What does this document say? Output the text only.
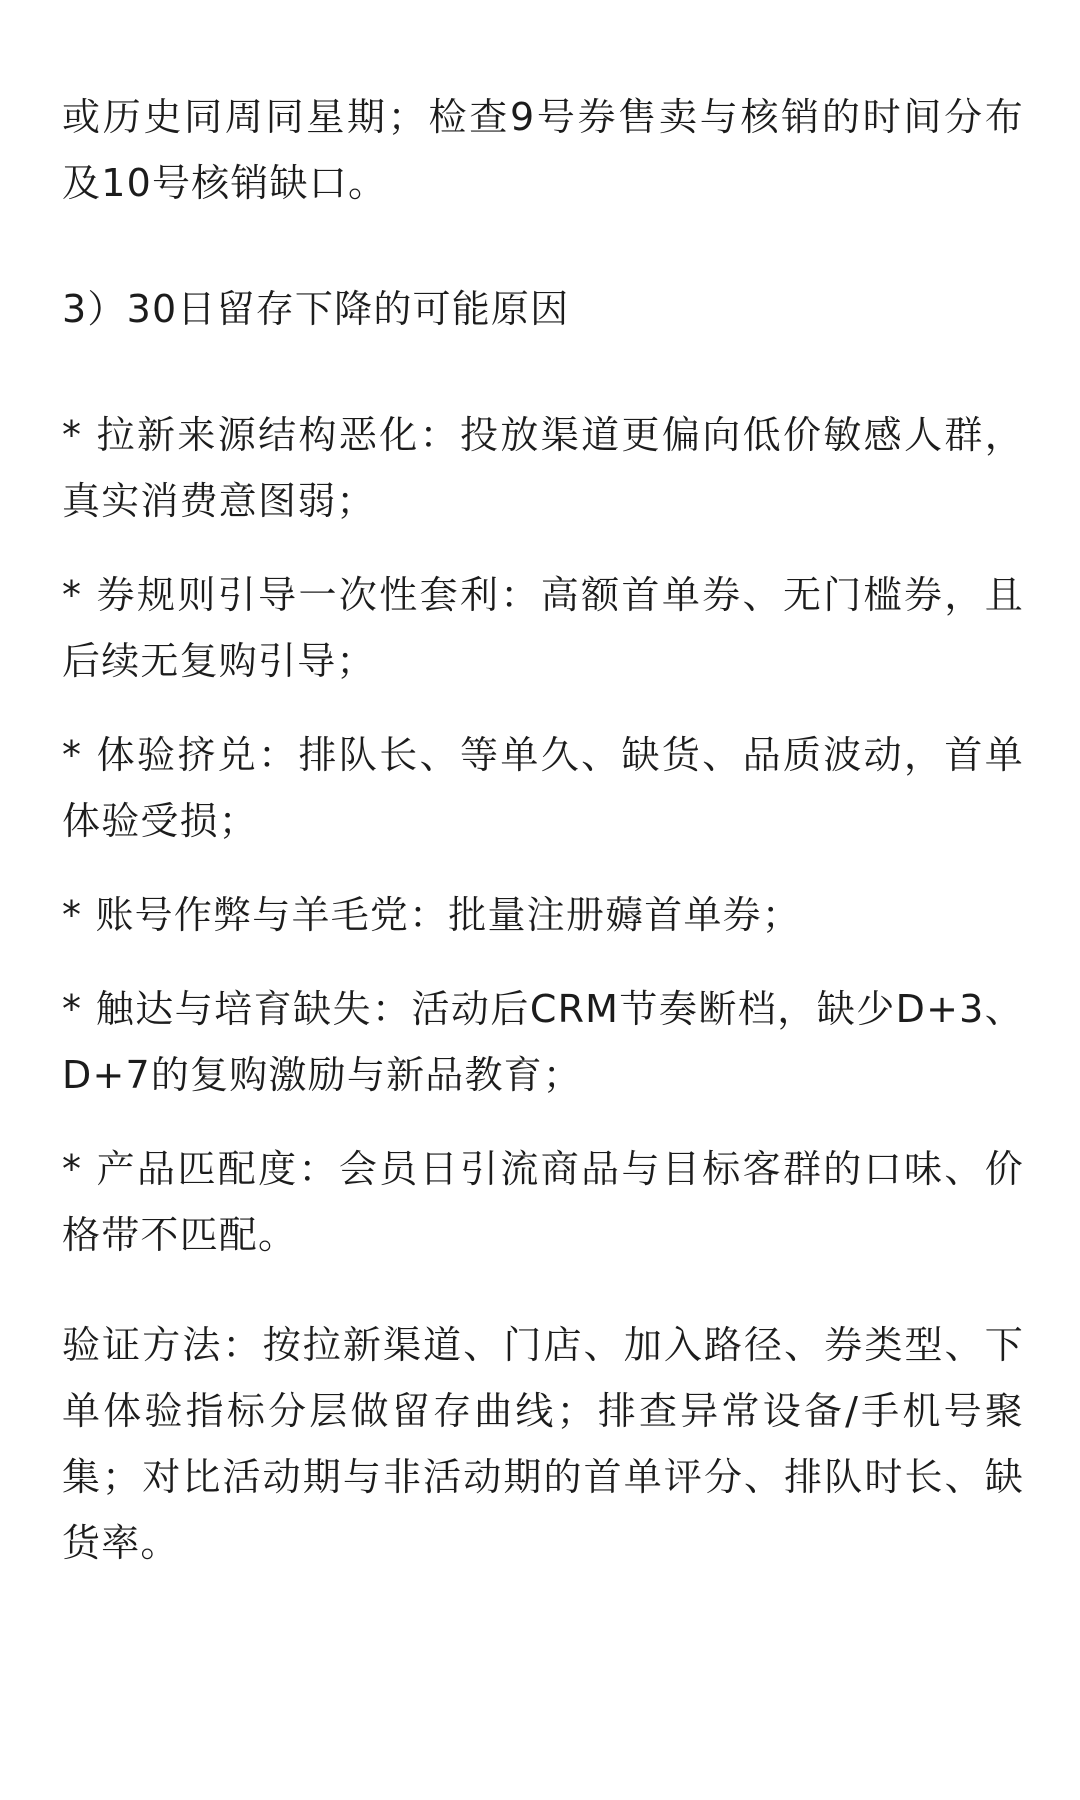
或历史同周同星期；检查9号券售卖与核销的时间分布及10号核销缺口。

3）30日留存下降的可能原因

* 拉新来源结构恶化：投放渠道更偏向低价敏感人群，真实消费意图弱；

* 券规则引导一次性套利：高额首单券、无门槛券，且后续无复购引导；

* 体验挤兑：排队长、等单久、缺货、品质波动，首单体验受损；

* 账号作弊与羊毛党：批量注册薅首单券；

* 触达与培育缺失：活动后CRM节奏断档，缺少D+3、D+7的复购激励与新品教育；

* 产品匹配度：会员日引流商品与目标客群的口味、价格带不匹配。

验证方法：按拉新渠道、门店、加入路径、券类型、下单体验指标分层做留存曲线；排查异常设备/手机号聚集；对比活动期与非活动期的首单评分、排队时长、缺货率。
